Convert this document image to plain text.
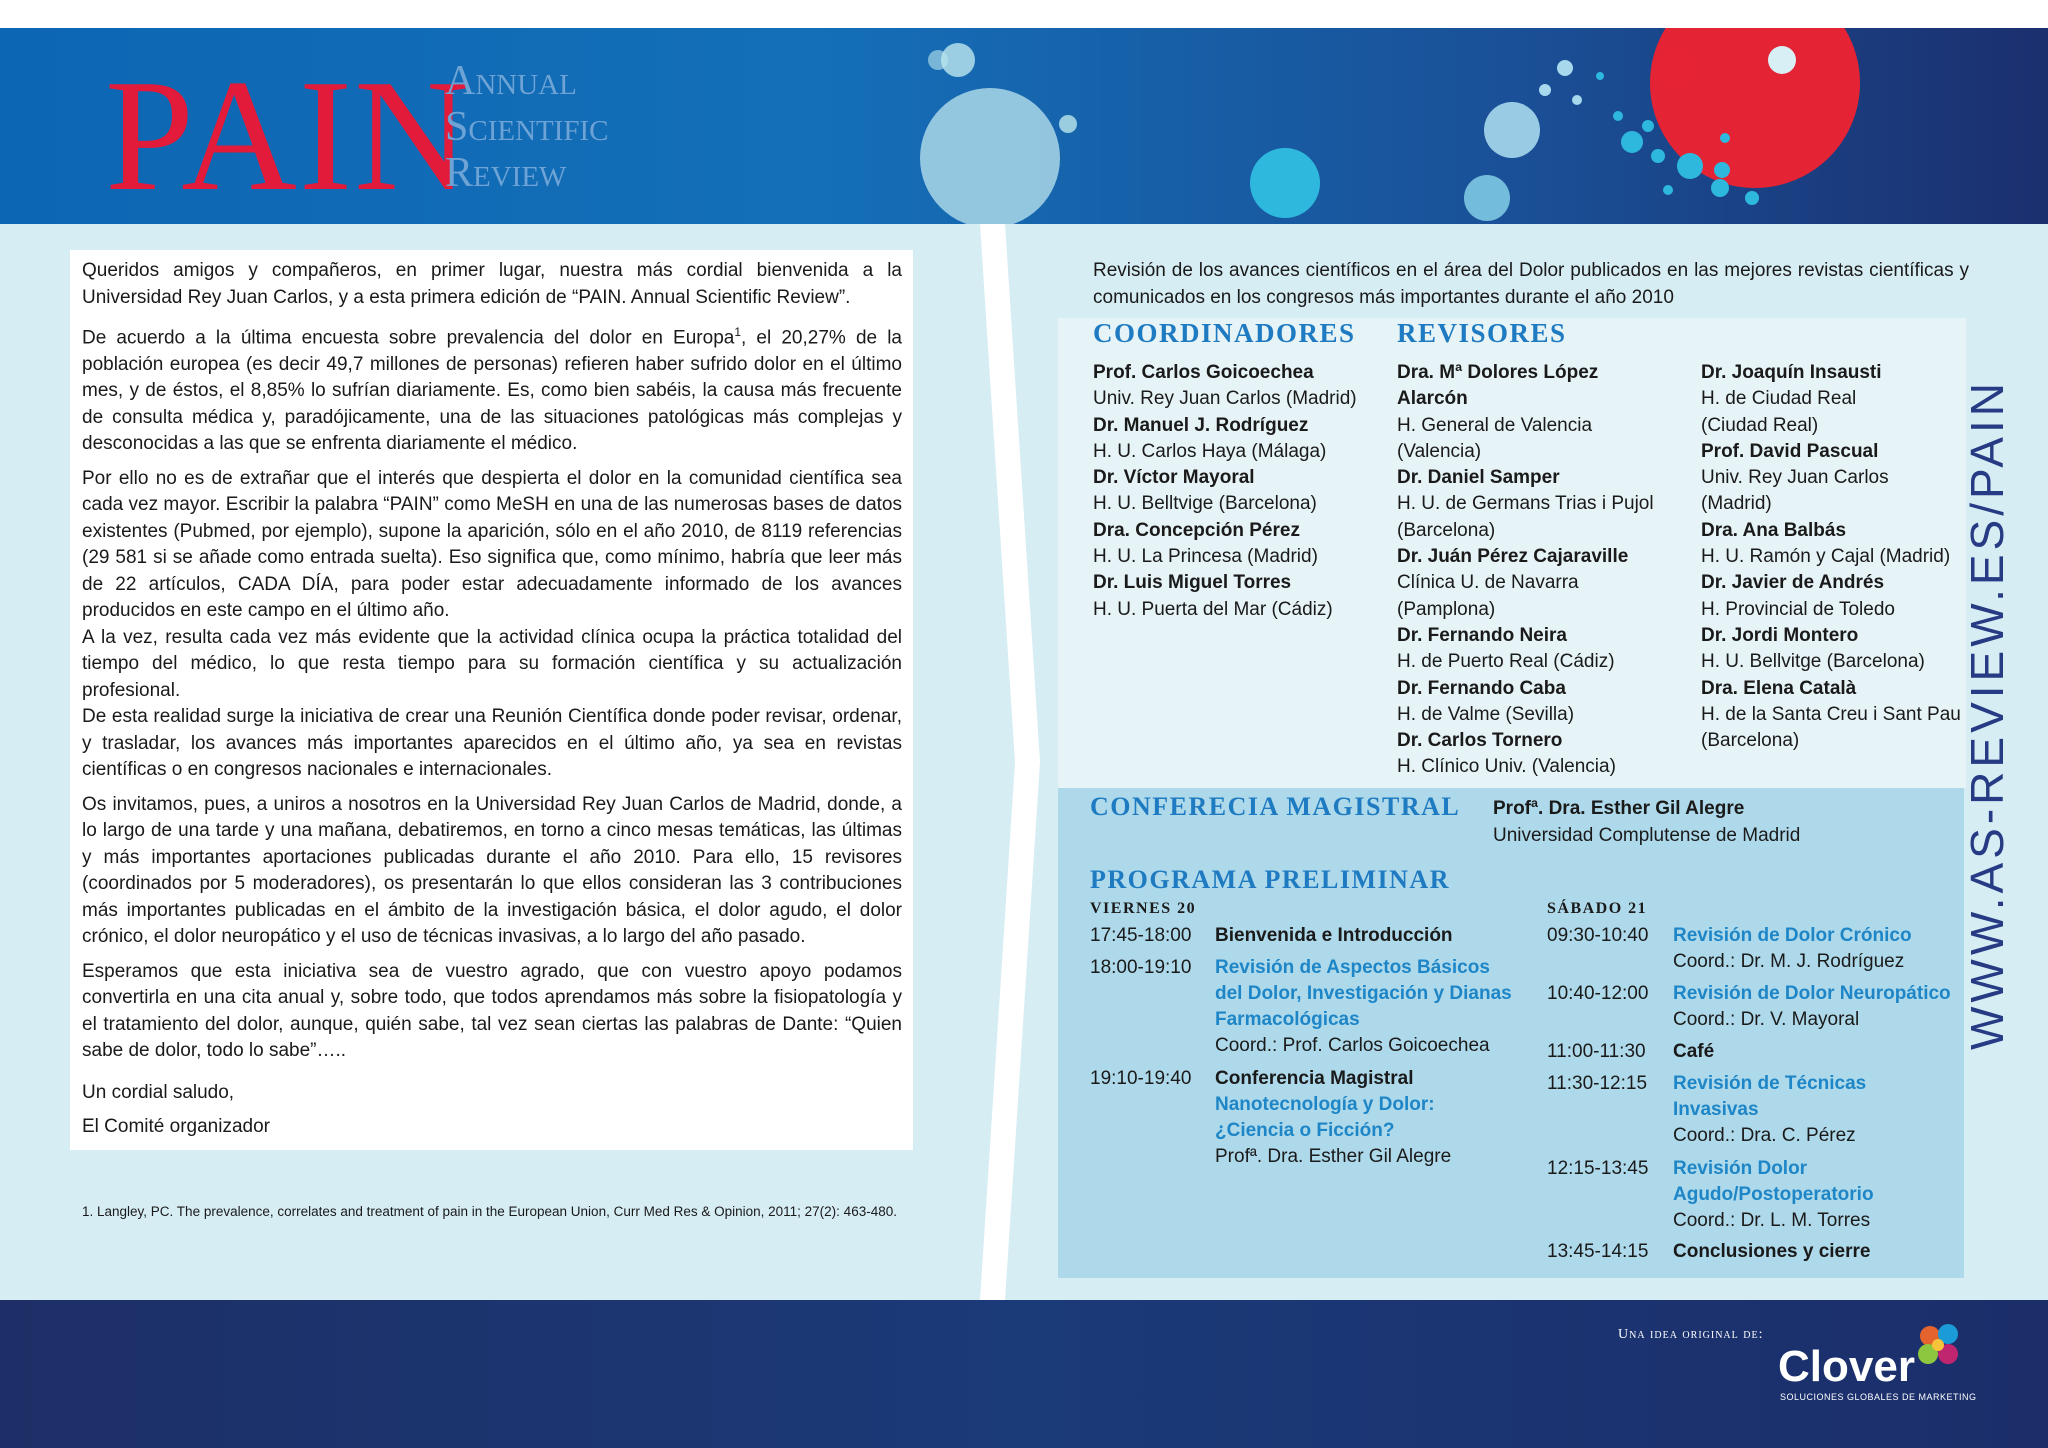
PAIN
Annual
Scientific
Review

Queridos amigos y compañeros, en primer lugar, nuestra más cordial bienvenida a la Universidad Rey Juan Carlos, y a esta primera edición de “PAIN. Annual Scientific Review”.

De acuerdo a la última encuesta sobre prevalencia del dolor en Europa$^1$, el 20,27% de la población europea (es decir 49,7 millones de personas) refieren haber sufrido dolor en el último mes, y de éstos, el 8,85% lo sufrían diariamente. Es, como bien sabéis, la causa más frecuente de consulta médica y, paradójicamente, una de las situaciones patológicas más complejas y desconocidas a las que se enfrenta diariamente el médico.

Por ello no es de extrañar que el interés que despierta el dolor en la comunidad científica sea cada vez mayor. Escribir la palabra “PAIN” como MeSH en una de las numerosas bases de datos existentes (Pubmed, por ejemplo), supone la aparición, sólo en el año 2010, de 8119 referencias (29 581 si se añade como entrada suelta). Eso significa que, como mínimo, habría que leer más de 22 artículos, CADA DÍA, para poder estar adecuadamente informado de los avances producidos en este campo en el último año.

A la vez, resulta cada vez más evidente que la actividad clínica ocupa la práctica totalidad del tiempo del médico, lo que resta tiempo para su formación científica y su actualización profesional.

De esta realidad surge la iniciativa de crear una Reunión Científica donde poder revisar, ordenar, y trasladar, los avances más importantes aparecidos en el último año, ya sea en revistas científicas o en congresos nacionales e internacionales.

Os invitamos, pues, a uniros a nosotros en la Universidad Rey Juan Carlos de Madrid, donde, a lo largo de una tarde y una mañana, debatiremos, en torno a cinco mesas temáticas, las últimas y más importantes aportaciones publicadas durante el año 2010. Para ello, 15 revisores (coordinados por 5 moderadores), os presentarán lo que ellos consideran las 3 contribuciones más importantes publicadas en el ámbito de la investigación básica, el dolor agudo, el dolor crónico, el dolor neuropático y el uso de técnicas invasivas, a lo largo del año pasado.

Esperamos que esta iniciativa sea de vuestro agrado, que con vuestro apoyo podamos convertirla en una cita anual y, sobre todo, que todos aprendamos más sobre la fisiopatología y el tratamiento del dolor, aunque, quién sabe, tal vez sean ciertas las palabras de Dante: “Quien sabe de dolor, todo lo sabe”…..

Un cordial saludo,
El Comité organizador
1. Langley, PC. The prevalence, correlates and treatment of pain in the European Union, Curr Med Res & Opinion, 2011; 27(2): 463-480.
Revisión de los avances científicos en el área del Dolor publicados en las mejores revistas científicas y comunicados en los congresos más importantes durante el año 2010
COORDINADORES REVISORES
Prof. Carlos Goicoechea
Univ. Rey Juan Carlos (Madrid)
Dr. Manuel J. Rodríguez
H. U. Carlos Haya (Málaga)
Dr. Víctor Mayoral
H. U. Belltvige (Barcelona)
Dra. Concepción Pérez
H. U. La Princesa (Madrid)
Dr. Luis Miguel Torres
H. U. Puerta del Mar (Cádiz)
Dra. Mª Dolores López
Alarcón
H. General de Valencia
(Valencia)
Dr. Daniel Samper
H. U. de Germans Trias i Pujol
(Barcelona)
Dr. Juán Pérez Cajaraville
Clínica U. de Navarra
(Pamplona)
Dr. Fernando Neira
H. de Puerto Real (Cádiz)
Dr. Fernando Caba
H. de Valme (Sevilla)
Dr. Carlos Tornero
H. Clínico Univ. (Valencia)
Dr. Joaquín Insausti
H. de Ciudad Real
(Ciudad Real)
Prof. David Pascual
Univ. Rey Juan Carlos (Madrid)
Dra. Ana Balbás
H. U. Ramón y Cajal (Madrid)
Dr. Javier de Andrés
H. Provincial de Toledo
Dr. Jordi Montero
H. U. Bellvitge (Barcelona)
Dra. Elena Català
H. de la Santa Creu i Sant Pau
(Barcelona)
CONFERECIA MAGISTRAL Profª. Dra. Esther Gil Alegre
Universidad Complutense de Madrid
PROGRAMA PRELIMINAR
VIERNES 20	SÁBADO 21
17:45-18:00 Bienvenida e Introducción
18:00-19:10 Revisión de Aspectos Básicos
del Dolor, Investigación y Dianas
Farmacológicas
Coord.: Prof. Carlos Goicoechea
19:10-19:40 Conferencia Magistral
Nanotecnología y Dolor:
¿Ciencia o Ficción?
Profª. Dra. Esther Gil Alegre
09:30-10:40 Revisión de Dolor Crónico
Coord.: Dr. M. J. Rodríguez
10:40-12:00 Revisión de Dolor Neuropático
Coord.: Dr. V. Mayoral
11:00-11:30 Café
11:30-12:15 Revisión de Técnicas
Invasivas
Coord.: Dra. C. Pérez
12:15-13:45 Revisión Dolor
Agudo/Postoperatorio
Coord.: Dr. L. M. Torres
13:45-14:15 Conclusiones y cierre
WWW.AS-REVIEW.ES/PAIN
Una idea original de:
Clover
SOLUCIONES GLOBALES DE MARKETING
